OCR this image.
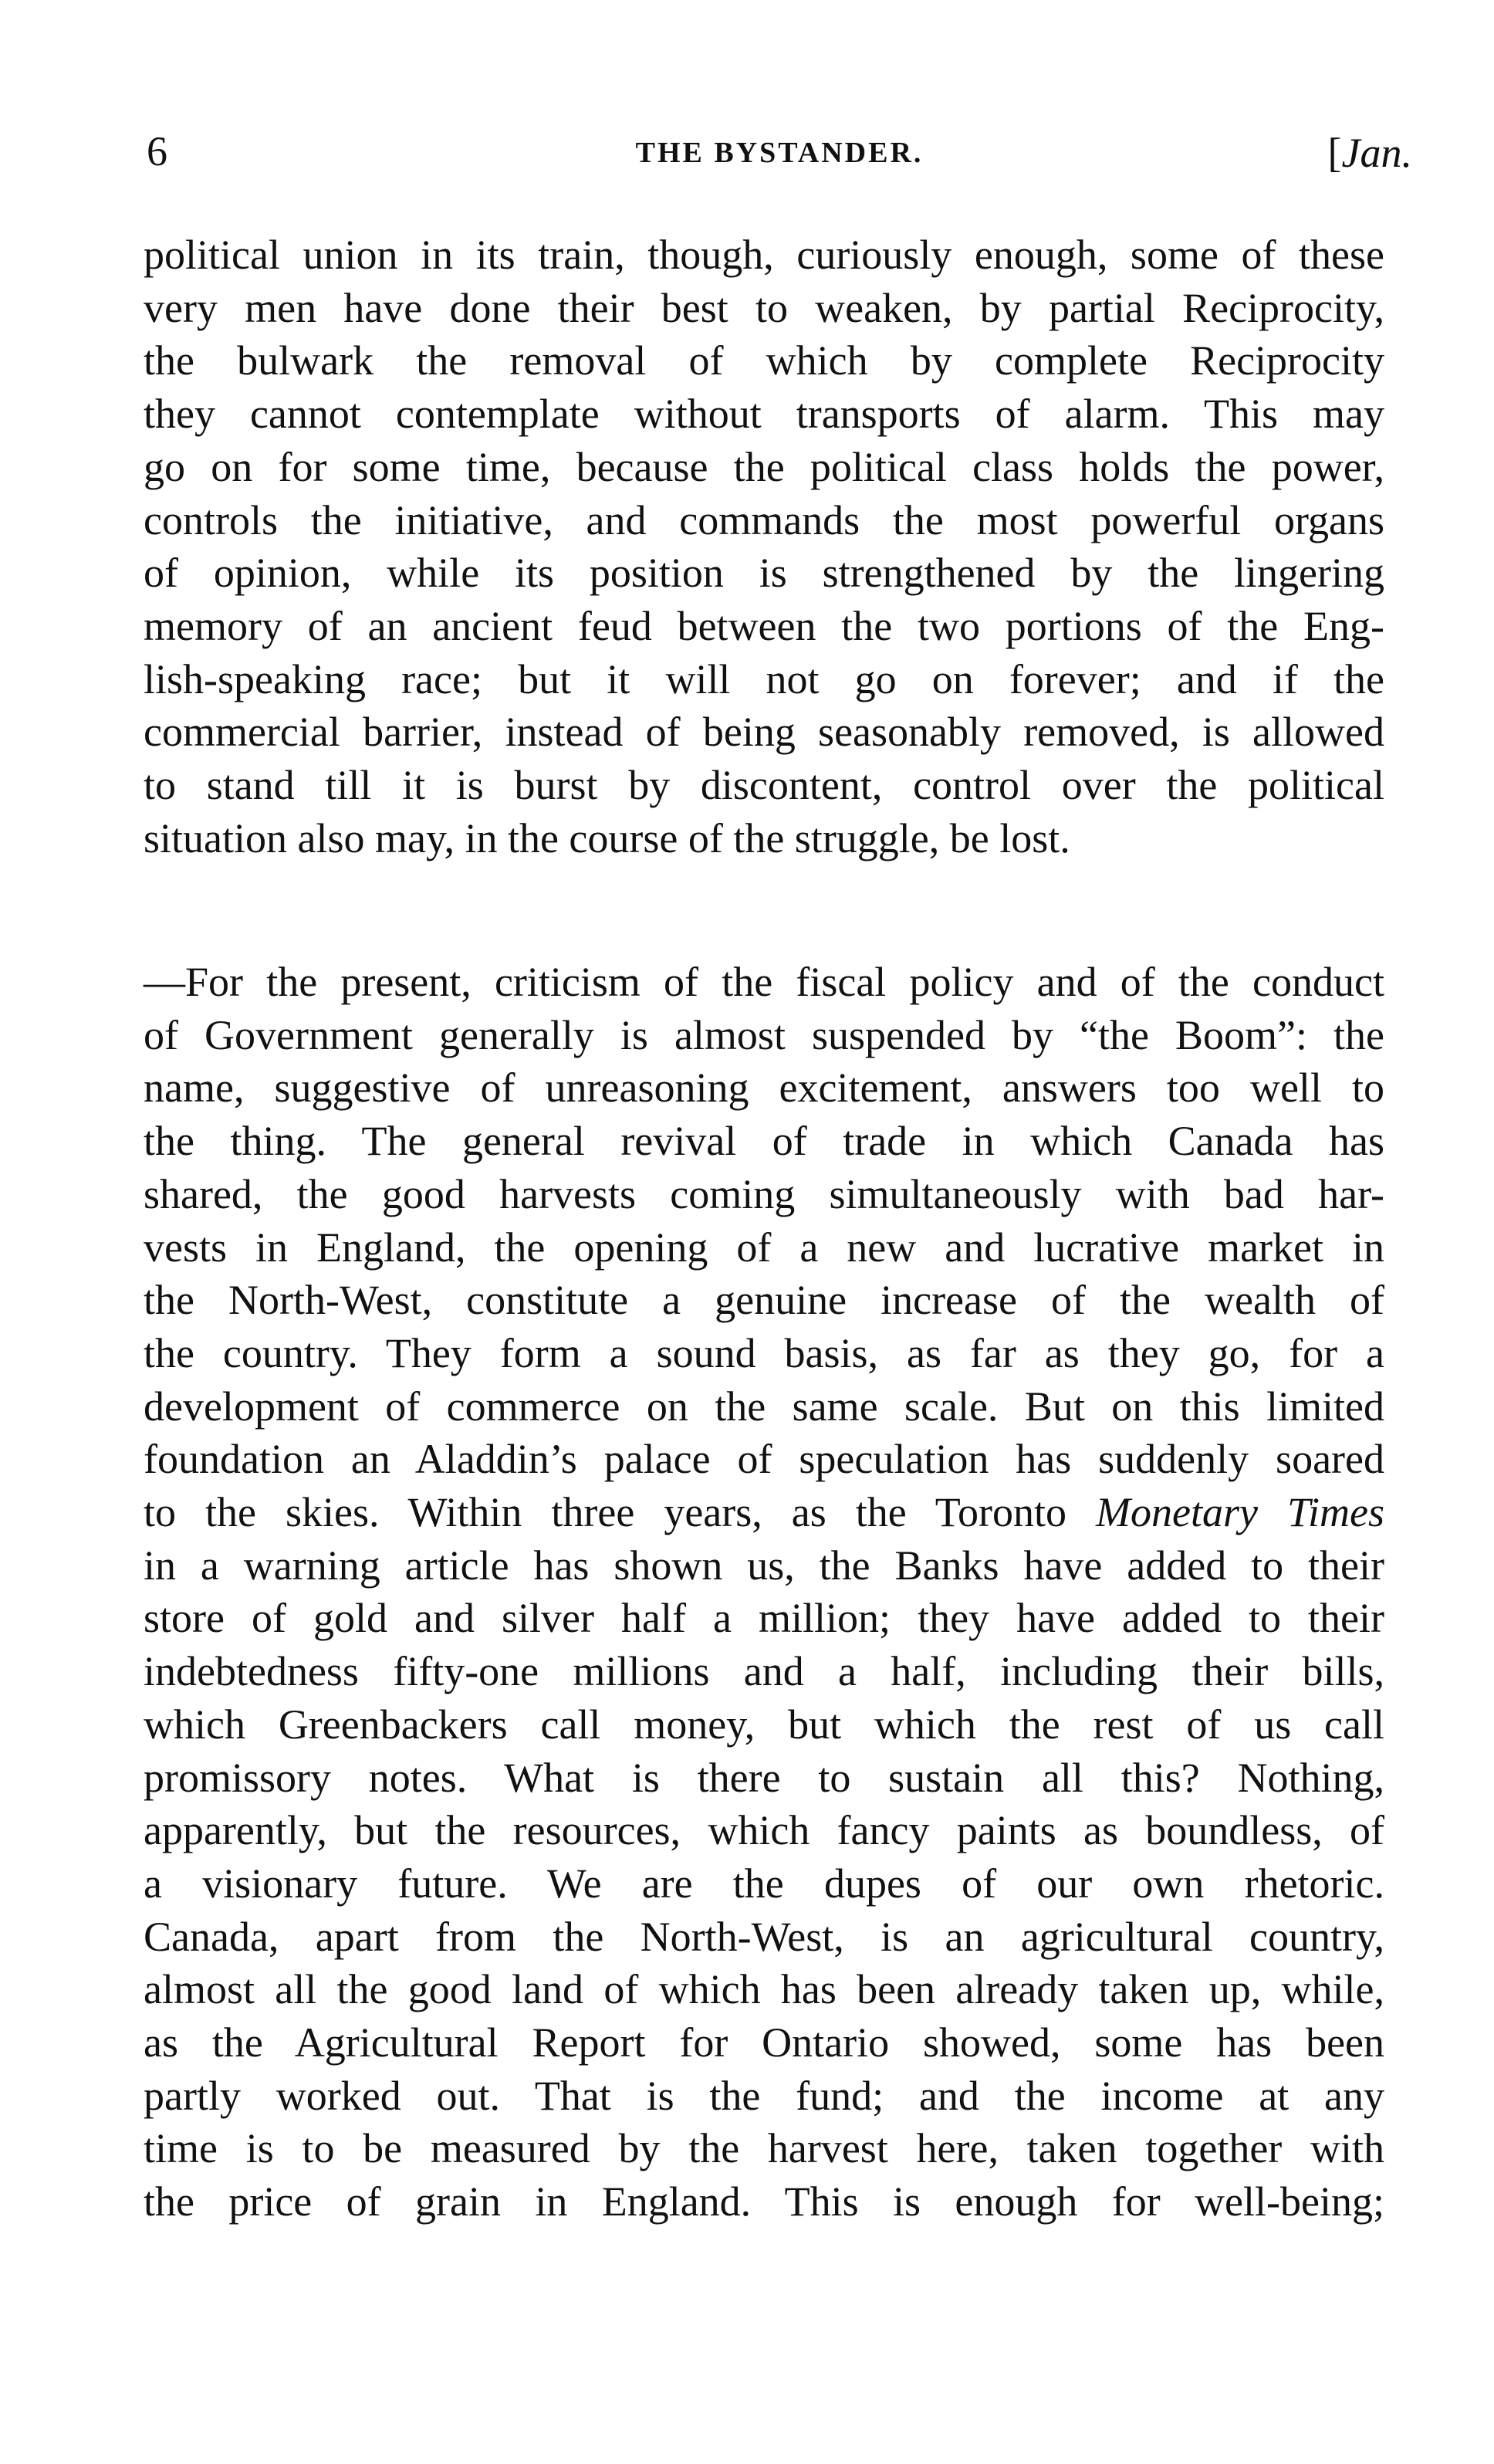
6	THE BYSTANDER.	[Jan.
political union in its train, though, curiously enough, some of these
very men have done their best to weaken, by partial Reciprocity,
the bulwark the removal of which by complete Reciprocity
they cannot contemplate without transports of alarm. This may
go on for some time, because the political class holds the power,
controls the initiative, and commands the most powerful organs
of opinion, while its position is strengthened by the lingering
memory of an ancient feud between the two portions of the Eng-
lish-speaking race; but it will not go on forever; and if the
commercial barrier, instead of being seasonably removed, is allowed
to stand till it is burst by discontent, control over the political
situation also may, in the course of the struggle, be lost.
—For the present, criticism of the fiscal policy and of the conduct
of Government generally is almost suspended by “the Boom”: the
name, suggestive of unreasoning excitement, answers too well to
the thing. The general revival of trade in which Canada has
shared, the good harvests coming simultaneously with bad har-
vests in England, the opening of a new and lucrative market in
the North-West, constitute a genuine increase of the wealth of
the country. They form a sound basis, as far as they go, for a
development of commerce on the same scale. But on this limited
foundation an Aladdin’s palace of speculation has suddenly soared
to the skies. Within three years, as the Toronto Monetary Times
in a warning article has shown us, the Banks have added to their
store of gold and silver half a million; they have added to their
indebtedness fifty-one millions and a half, including their bills,
which Greenbackers call money, but which the rest of us call
promissory notes. What is there to sustain all this? Nothing,
apparently, but the resources, which fancy paints as boundless, of
a visionary future. We are the dupes of our own rhetoric.
Canada, apart from the North-West, is an agricultural country,
almost all the good land of which has been already taken up, while,
as the Agricultural Report for Ontario showed, some has been
partly worked out. That is the fund; and the income at any
time is to be measured by the harvest here, taken together with
the price of grain in England. This is enough for well-being;
